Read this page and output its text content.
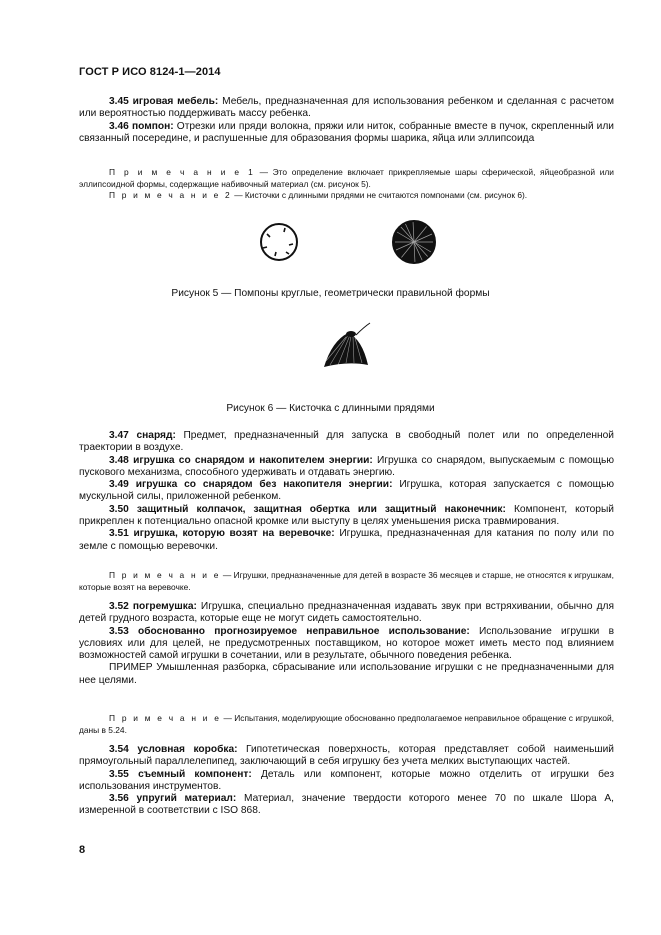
ГОСТ Р ИСО 8124-1—2014

3.45 игровая мебель: Мебель, предназначенная для использования ребенком и сделанная с расчетом или вероятностью поддерживать массу ребенка.

3.46 помпон: Отрезки или пряди волокна, пряжи или ниток, собранные вместе в пучок, скрепленный или связанный посередине, и распушенные для образования формы шарика, яйца или эллипсоида

П р и м е ч а н и е 1 — Это определение включает прикрепляемые шары сферической, яйцеобразной или эллипсоидной формы, содержащие набивочный материал (см. рисунок 5).

П р и м е ч а н и е 2 — Кисточки с длинными прядями не считаются помпонами (см. рисунок 6).

Рисунок 5 — Помпоны круглые, геометрически правильной формы
Рисунок 6 — Кисточка с длинными прядями

3.47 снаряд: Предмет, предназначенный для запуска в свободный полет или по определенной траектории в воздухе.

3.48 игрушка со снарядом и накопителем энергии: Игрушка со снарядом, выпускаемым с помощью пускового механизма, способного удерживать и отдавать энергию.

3.49 игрушка со снарядом без накопителя энергии: Игрушка, которая запускается с помощью мускульной силы, приложенной ребенком.

3.50 защитный колпачок, защитная обертка или защитный наконечник: Компонент, который прикреплен к потенциально опасной кромке или выступу в целях уменьшения риска травмирования.

3.51 игрушка, которую возят на веревочке: Игрушка, предназначенная для катания по полу или по земле с помощью веревочки.

П р и м е ч а н и е — Игрушки, предназначенные для детей в возрасте 36 месяцев и старше, не относятся к игрушкам, которые возят на веревочке.

3.52 погремушка: Игрушка, специально предназначенная издавать звук при встряхивании, обычно для детей грудного возраста, которые еще не могут сидеть самостоятельно.

3.53 обоснованно прогнозируемое неправильное использование: Использование игрушки в условиях или для целей, не предусмотренных поставщиком, но которое может иметь место под влиянием возможностей самой игрушки в сочетании, или в результате, обычного поведения ребенка.

ПРИМЕР Умышленная разборка, сбрасывание или использование игрушки с не предназначенными для нее целями.

П р и м е ч а н и е — Испытания, моделирующие обоснованно предполагаемое неправильное обращение с игрушкой, даны в 5.24.

3.54 условная коробка: Гипотетическая поверхность, которая представляет собой наименьший прямоугольный параллелепипед, заключающий в себя игрушку без учета мелких выступающих частей.

3.55 съемный компонент: Деталь или компонент, которые можно отделить от игрушки без использования инструментов.

3.56 упругий материал: Материал, значение твердости которого менее 70 по шкале Шора А, измеренной в соответствии с ISO 868.

8
